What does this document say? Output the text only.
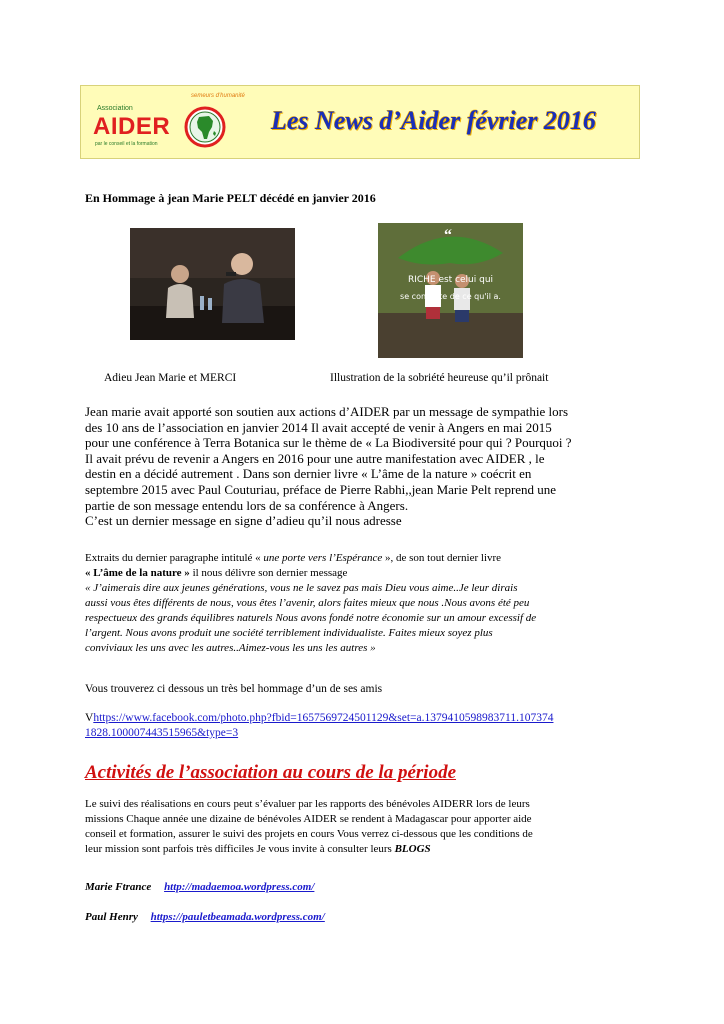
semeurs d'humanité
Association
AIDER
par le conseil et la formation
Les News d’Aider février 2016

En Hommage à jean Marie PELT décédé en janvier 2016

“
RICHE est celui qui
se contente de ce qu'il a.
Adieu Jean Marie et MERCI	Illustration de la sobriété heureuse qu’il prônait
Jean marie avait apporté son soutien aux actions d’AIDER par un message de sympathie lors
des 10 ans de l’association en janvier 2014 Il avait accepté de venir à Angers en mai 2015
pour une conférence à Terra Botanica sur le thème de « La Biodiversité pour qui ? Pourquoi ?
Il avait prévu de revenir a Angers en 2016 pour une autre manifestation avec AIDER , le
destin en a décidé autrement . Dans son dernier livre « L’âme de la nature » coécrit en
septembre 2015 avec Paul Couturiau, préface de Pierre Rabhi,,jean Marie Pelt reprend une
partie de son message entendu lors de sa conférence à Angers.
C’est un dernier message en signe d’adieu qu’il nous adresse
Extraits du dernier paragraphe intitulé « une porte vers l’Espérance », de son tout dernier livre
« L’âme de la nature » il nous délivre son dernier message
« J’aimerais dire aux jeunes générations, vous ne le savez pas mais Dieu vous aime..Je leur dirais
aussi vous êtes différents de nous, vous êtes l’avenir, alors faites mieux que nous .Nous avons été peu
respectueux des grands équilibres naturels Nous avons fondé notre économie sur un amour excessif de
l’argent. Nous avons produit une société terriblement individualiste. Faites mieux soyez plus
conviviaux les uns avec les autres..Aimez-vous les uns les autres »

Vous trouverez ci dessous un très bel hommage d’un de ses amis

Vhttps://www.facebook.com/photo.php?fbid=1657569724501129&set=a.1379410598983711.107374
1828.100007443515965&type=3
Activités de l’association au cours de la période
Le suivi des réalisations en cours peut s’évaluer par les rapports des bénévoles AIDERR lors de leurs
missions Chaque année une dizaine de bénévoles AIDER se rendent à Madagascar pour apporter aide
conseil et formation, assurer le suivi des projets en cours Vous verrez ci-dessous que les conditions de
leur mission sont parfois très difficiles Je vous invite à consulter leurs BLOGS
Marie Ftrance http://madaemoa.wordpress.com/
Paul Henry https://pauletbeamada.wordpress.com/
